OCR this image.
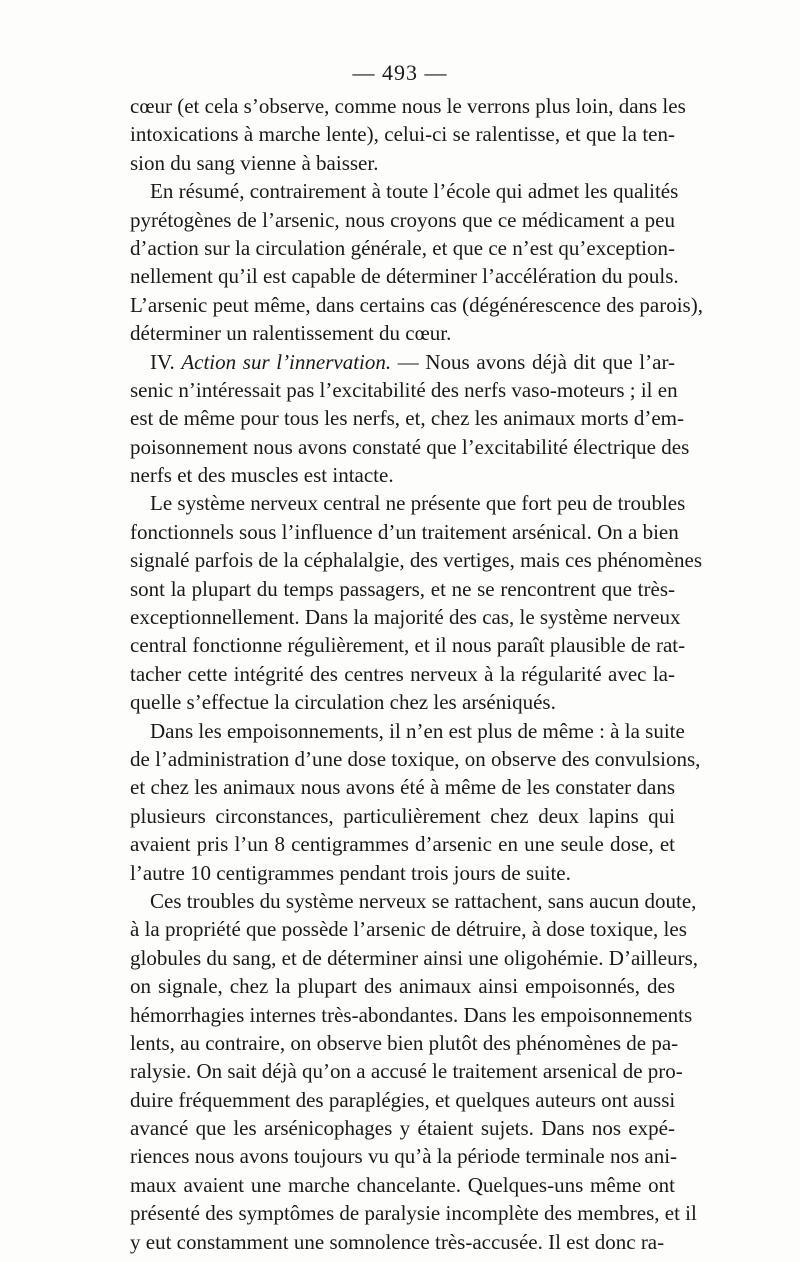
— 493 —
cœur (et cela s’observe, comme nous le verrons plus loin, dans les
intoxications à marche lente), celui-ci se ralentisse, et que la ten-
sion du sang vienne à baisser.
En résumé, contrairement à toute l’école qui admet les qualités
pyrétogènes de l’arsenic, nous croyons que ce médicament a peu
d’action sur la circulation générale, et que ce n’est qu’exception-
nellement qu’il est capable de déterminer l’accélération du pouls.
L’arsenic peut même, dans certains cas (dégénérescence des parois),
déterminer un ralentissement du cœur.
IV. Action sur l’innervation. — Nous avons déjà dit que l’ar-
senic n’intéressait pas l’excitabilité des nerfs vaso-moteurs ; il en
est de même pour tous les nerfs, et, chez les animaux morts d’em-
poisonnement nous avons constaté que l’excitabilité électrique des
nerfs et des muscles est intacte.
Le système nerveux central ne présente que fort peu de troubles
fonctionnels sous l’influence d’un traitement arsénical. On a bien
signalé parfois de la céphalalgie, des vertiges, mais ces phénomènes
sont la plupart du temps passagers, et ne se rencontrent que très-
exceptionnellement. Dans la majorité des cas, le système nerveux
central fonctionne régulièrement, et il nous paraît plausible de rat-
tacher cette intégrité des centres nerveux à la régularité avec la-
quelle s’effectue la circulation chez les arséniqués.
Dans les empoisonnements, il n’en est plus de même : à la suite
de l’administration d’une dose toxique, on observe des convulsions,
et chez les animaux nous avons été à même de les constater dans
plusieurs circonstances, particulièrement chez deux lapins qui
avaient pris l’un 8 centigrammes d’arsenic en une seule dose, et
l’autre 10 centigrammes pendant trois jours de suite.
Ces troubles du système nerveux se rattachent, sans aucun doute,
à la propriété que possède l’arsenic de détruire, à dose toxique, les
globules du sang, et de déterminer ainsi une oligohémie. D’ailleurs,
on signale, chez la plupart des animaux ainsi empoisonnés, des
hémorrhagies internes très-abondantes. Dans les empoisonnements
lents, au contraire, on observe bien plutôt des phénomènes de pa-
ralysie. On sait déjà qu’on a accusé le traitement arsenical de pro-
duire fréquemment des paraplégies, et quelques auteurs ont aussi
avancé que les arsénicophages y étaient sujets. Dans nos expé-
riences nous avons toujours vu qu’à la période terminale nos ani-
maux avaient une marche chancelante. Quelques-uns même ont
présenté des symptômes de paralysie incomplète des membres, et il
y eut constamment une somnolence très-accusée. Il est donc ra-
